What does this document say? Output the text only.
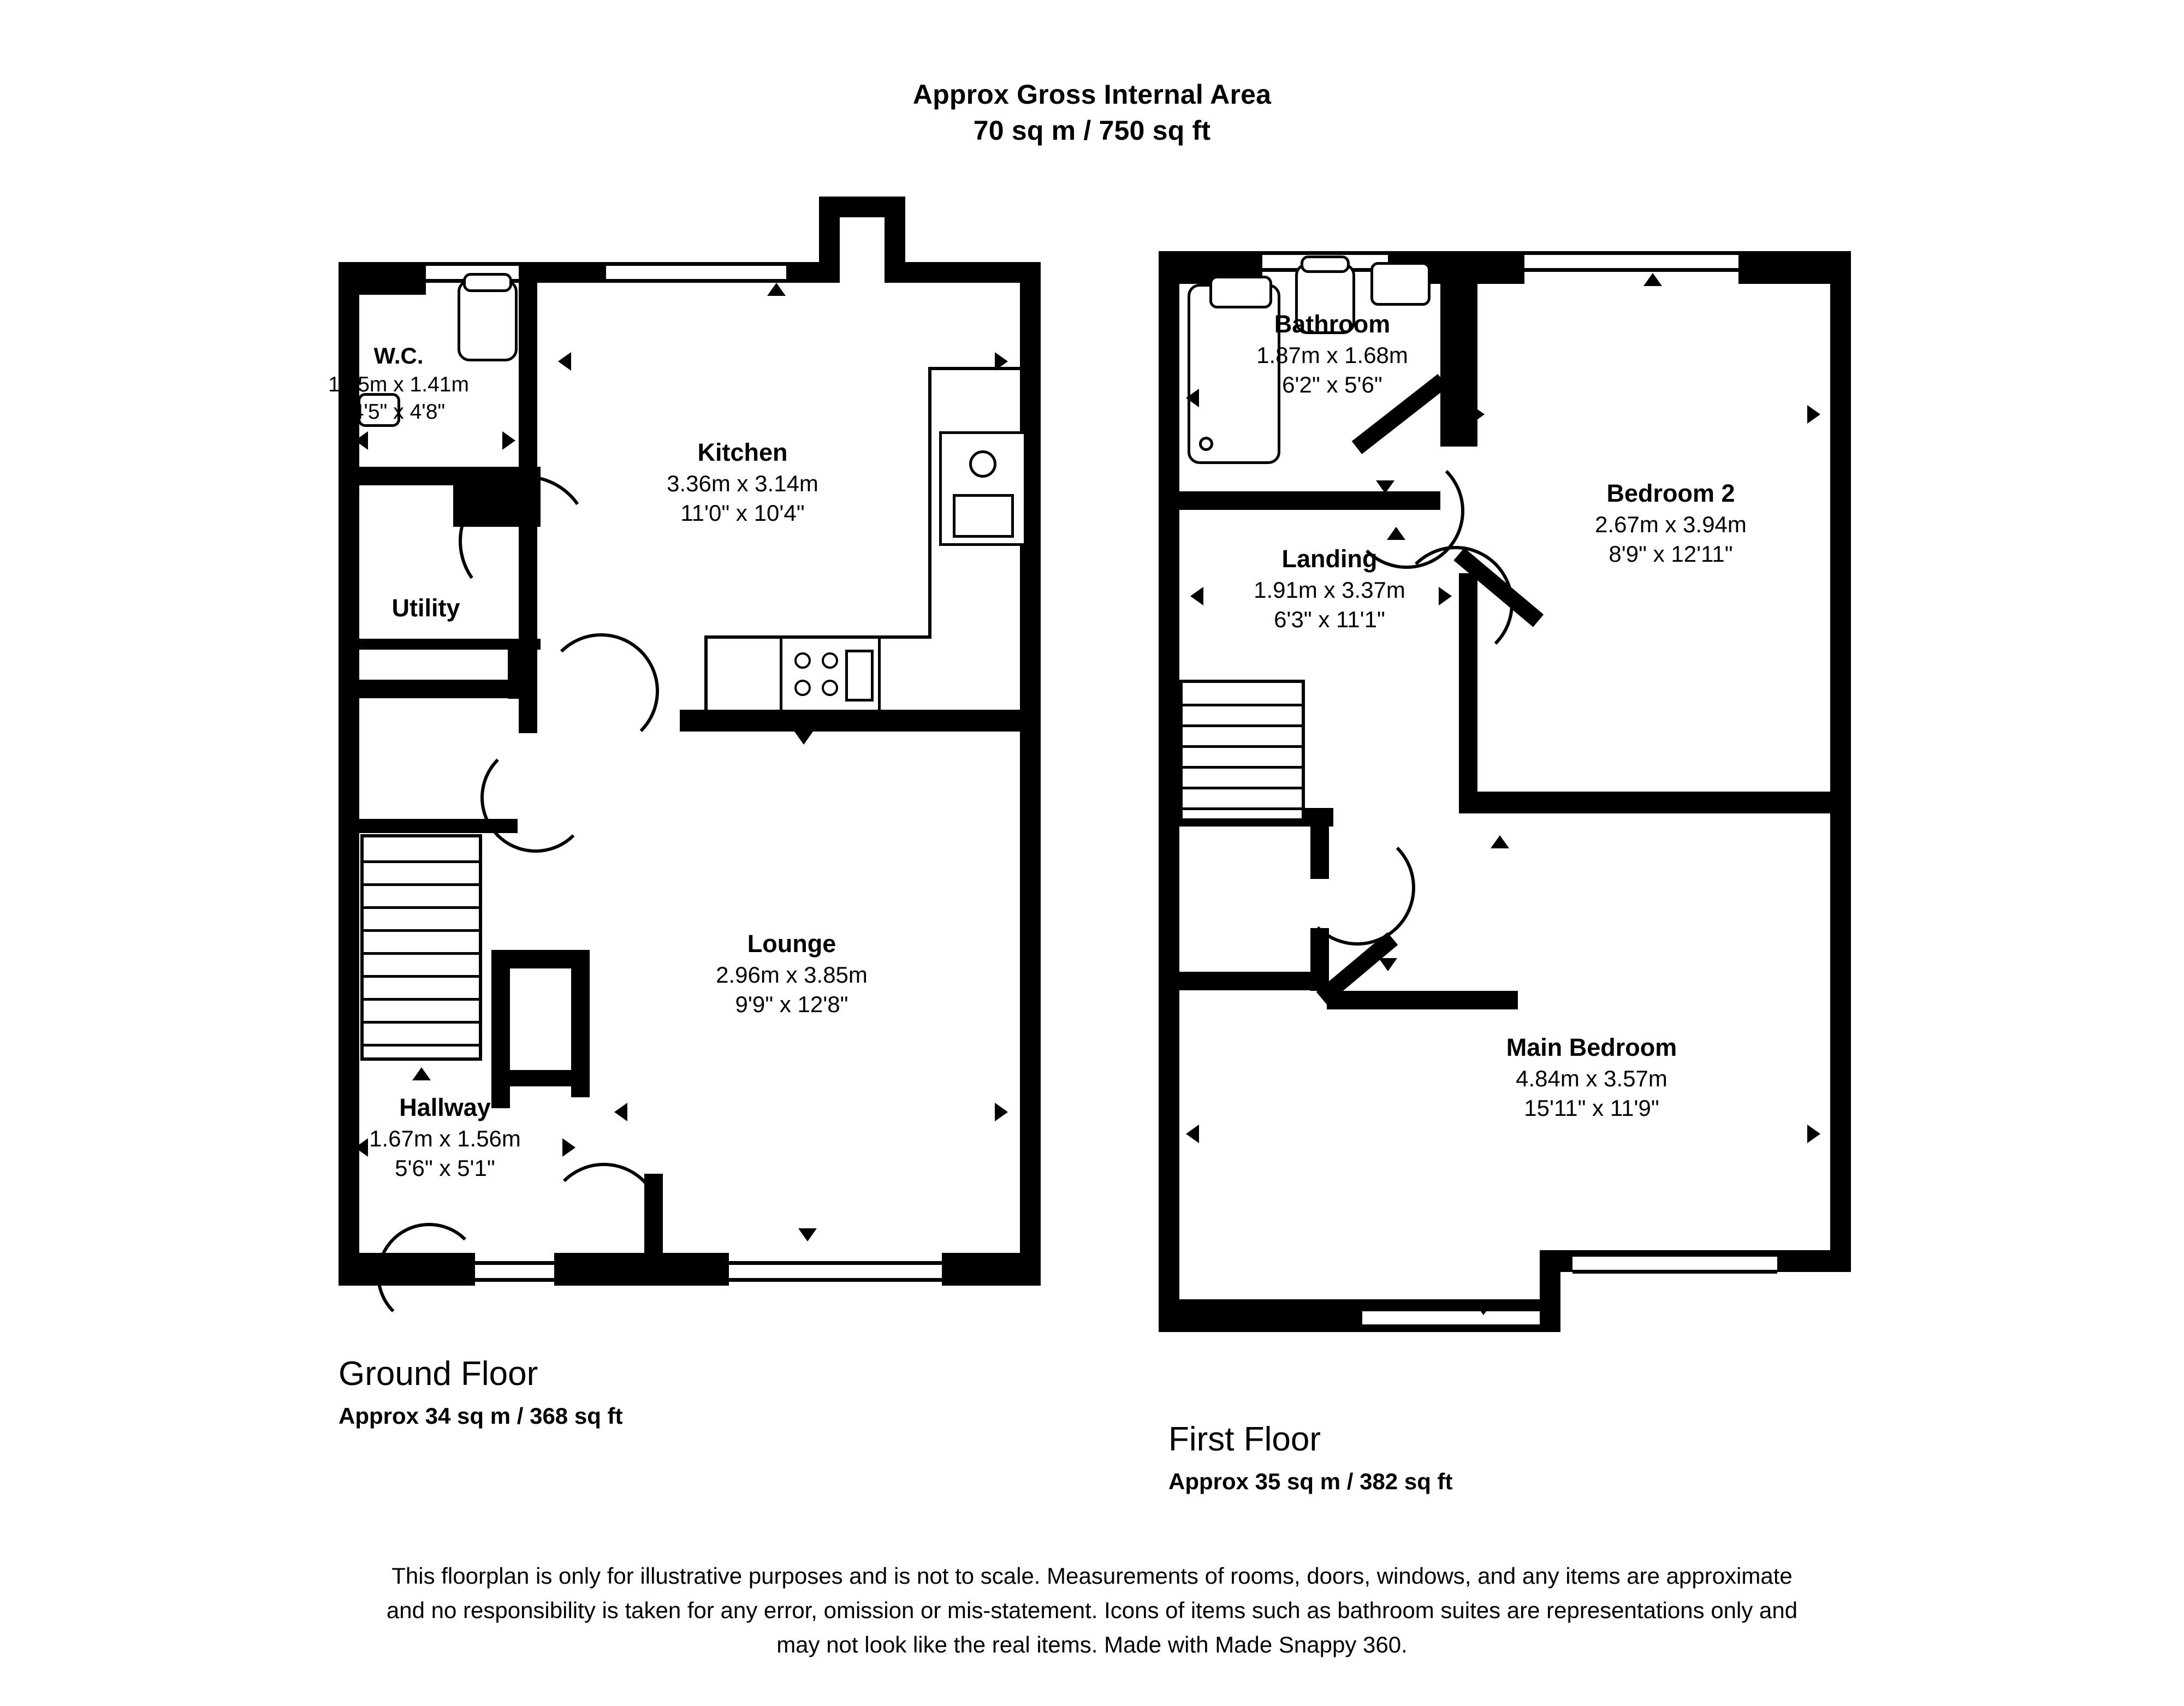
Approx Gross Internal Area
70 sq m / 750 sq ft
W.C.
1.35m x 1.41m
4'5" x 4'8"
Kitchen
3.36m x 3.14m
11'0" x 10'4"
Utility
Lounge
2.96m x 3.85m
9'9" x 12'8"
Hallway
1.67m x 1.56m
5'6" x 5'1"
Ground Floor
Approx 34 sq m / 368 sq ft
Bathroom
1.87m x 1.68m
6'2" x 5'6"
Bedroom 2
2.67m x 3.94m
8'9" x 12'11"
Landing
1.91m x 3.37m
6'3" x 11'1"
Main Bedroom
4.84m x 3.57m
15'11" x 11'9"
First Floor
Approx 35 sq m / 382 sq ft
This floorplan is only for illustrative purposes and is not to scale. Measurements of rooms, doors, windows, and any items are approximate
and no responsibility is taken for any error, omission or mis-statement. Icons of items such as bathroom suites are representations only and
may not look like the real items. Made with Made Snappy 360.
